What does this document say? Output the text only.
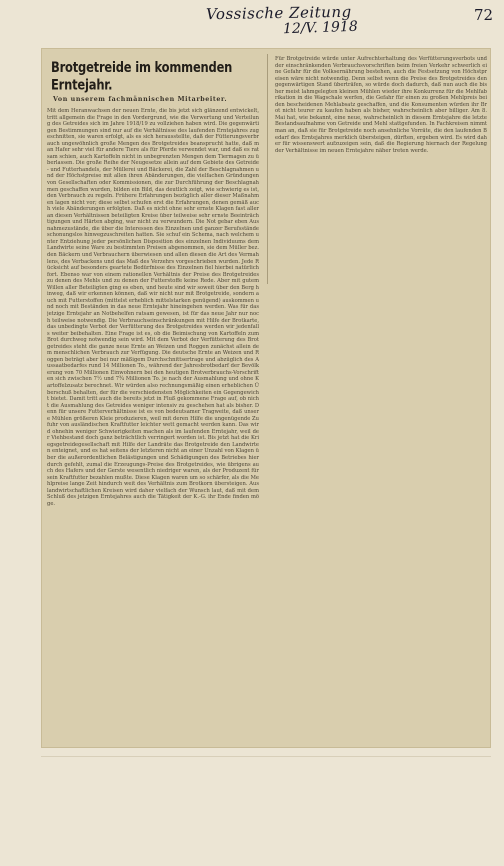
Vossische Zeitung
12/V. 1918
72
Brotgetreide im kommenden Erntejahr.
Von unserem fachmännischen Mitarbeiter.

Mit dem Heranwachsen der neuen Ernte, die bis jetzt sich glänzend entwickelt, tritt allgemein die Frage in den Vordergrund, wie die Verwertung und Verteilung des Getreides sich im Jahre 1918/19 zu vollziehen haben wird. Die gegenwärtigen Bestimmungen sind nur auf die Verhältnisse des laufenden Erntejahres zugeschnitten, sie waren erfolgt, als es sich herausstellte, daß der Fütterungsverbrauch ungewöhnlich große Mengen des Brotgetreides beansprucht hatte, daß man Hafer sehr viel für andere Tiere als für Pferde verwendet war, und daß es ratsam schien, auch Kartoffeln nicht in unbegrenzten Mengen dem Tiermagen zu überlassen. Die große Reihe der Neugesetze allein auf dem Gebiete des Getreide- und Futterhandels, der Müllerei und Bäckerei, die Zahl der Beschlagnahmen und der Höchstpreise mit allen ihren Abänderungen, die vielfachen Gründungen von Gesellschaften oder Kommissionen, die zur Durchführung der Beschlagnahmen geschaffen wurden, bilden ein Bild, das deutlich zeigt, wie schwierig es ist, den Verbrauch zu regeln. Frühere Erfahrungen bezüglich aller dieser Maßnahmen lagen nicht vor; diese selbst schufen erst die Erfahrungen, denen gemäß auch viele Abänderungen erfolgten. Daß es nicht ohne sehr ernste Klagen fast aller an diesen Verhältnissen beteiligten Kreise über teilweise sehr ernste Beeinträchtigungen und Härten abging, war nicht zu verwundern. Die Not gebar eben Ausnahmezustände, die über die Interessen des Einzelnen und ganzer Berufsstände schonungslos hinwegzuschreiten hatten. Sie schuf ein Schema, nach welchem unter Entziehung jeder persönlichen Disposition des einzelnen Individuums dem Landwirte seine Ware zu bestimmten Preisen abgenommen, sie dem Müller bez. den Bäckern und Verbrauchern überwiesen und allen diesen die Art des Vermahlens, des Verbackens und das Maß des Verzehrs vorgeschrieben wurden. Jede Rücksicht auf besonders geartete Bedürfnisse des Einzelnen fiel hierbei natürlich fort. Ebenso war von einem rationellen Verhältnis der Preise des Brotgetreides zu denen des Mehls und zu denen der Futterstoffe keine Rede. Aber mit gutem Willen aller Beteiligten ging es eben, und heute sind wir soweit über den Berg hinweg, daß wir erkennen können, daß wir nicht nur mit Brotgetreide, sondern auch mit Futterstoffen (mittelst erheblich mittelstarken genügend) auskommen und noch mit Beständen in das neue Erntejahr hineingehen werden. Was für das jetzige Erntejahr an Notbehelfen ratsam gewesen, ist für das neue Jahr nur noch teilweise notwendig. Die Verbrauchseinschränkungen mit Hilfe der Brotkarte, das unbedingte Verbot der Verfütterung des Brotgetreides werden wir jedenfalls weiter beibehalten. Eine Frage ist es, ob die Beimischung von Kartoffeln zum Brot durchweg notwendig sein wird. Mit dem Verbot der Verfütterung des Brotgetreides steht die ganze neue Ernte an Weizen und Roggen zunächst allein dem menschlichen Verbrauch zur Verfügung. Die deutsche Ernte an Weizen und Roggen beträgt aber bei nur mäßigem Durchschnittsertrage und abzüglich des Aussaatbedarfes rund 14 Millionen To., während der Jahresbrotbedarf der Bevölkerung von 70 Millionen Einwohnern bei den heutigen Brotverbrauchs-Vorschriften sich zwischen 7½ und 7¾ Millionen To. je nach der Ausmahlung und ohne Kartoffelzusatz berechnet. Wir würden also rechnungsmäßig einen erheblichen Überschuß behalten, der für die verschiedensten Möglichkeiten ein Gegengewicht bietet. Damit tritt auch die bereits jetzt in Fluß gekommene Frage auf, ob nicht die Ausmahlung des Getreides weniger intensiv zu geschehen hat als bisher. Denn für unsere Futterverhältnisse ist es von bedeutsamer Tragweite, daß unsere Mühlen größeren Kleie produzieren, weil mit deren Hilfe die ungenügende Zufuhr von ausländischen Kraftfutter leichter wett gemacht werden kann. Das wird ohnehin weniger Schwierigkeiten machen als im laufenden Erntejahr, weil der Viehbestand doch ganz beträchtlich verringert worden ist. Bis jetzt hat die Kriegsgetreidegesellschaft mit Hilfe der Landräte das Brotgetreide den Landwirten enteignet, und es hat seitens der letzteren nicht an einer Unzahl von Klagen über die außerordentlichen Belästigungen und Schädigungen des Betriebes hierdurch gefehlt, zumal die Erzeugungs-Preise des Brotgetreides, wie übrigens auch des Hafers und der Gerste wesentlich niedriger waren, als der Produzent für sein Kraftfutter bezahlen mußte. Diese Klagen waren um so schärfer, als die Mehlpreise lange Zeit hindurch weit des Verhältnis zum Brotkorn übersteigen. Aus landwirtschaftlichen Kreisen wird daher vielfach der Wunsch laut, daß mit dem Schluß des jetzigen Erntejahres auch die Tätigkeit der K.-G. ihr Ende finden möge.

Für Brotgetreide würde unter Aufrechterhaltung des Verfütterungsverbots und der einschränkenden Verbrauchsvorschriften beim freien Verkehr schwerlich eine Gefahr für die Volksernährung bestehen, auch die Festsetzung von Höchstpreisen wäre nicht notwendig. Denn selbst wenn die Preise des Brotgetreides den gegenwärtigen Stand überträfen, so würde doch dadurch, daß nun auch die bisher meist lahmgelegten kleinen Mühlen wieder ihre Konkurrenz für die Mehlfabrikation in die Wagschale werfen, die Gefahr für einen zu großen Mehlpreis bei den bescheidenen Mehlabsatz geschaffen, und die Konsumenten würden ihr Brot nicht teurer zu kaufen haben als bisher, wahrscheinlich aber billiger. Am 8. Mai hat, wie bekannt, eine neue, wahrscheinlich in diesem Erntejahre die letzte Bestandsaufnahme von Getreide und Mehl stattgefunden. In Fachkreisen nimmt man an, daß sie für Brotgetreide noch ansehnliche Vorräte, die den laufenden Bedarf des Erntejahres merklich übersteigen, dürften, ergeben wird. Es wird daher für wissenswert aufzuzeigen sein, daß die Regierung hiernach der Regelung der Verhältnisse im neuen Erntejahre näher treten werde.
